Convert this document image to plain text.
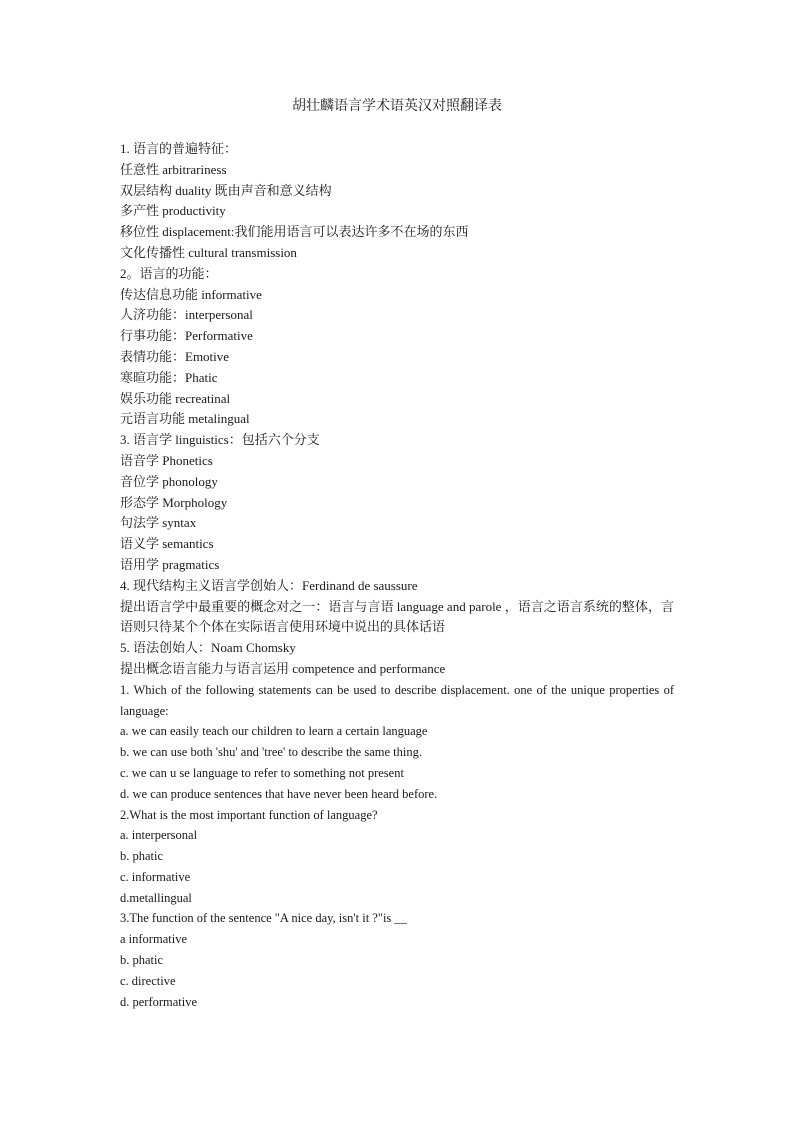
胡壮麟语言学术语英汉对照翻译表
1. 语言的普遍特征：
任意性 arbitrariness
双层结构 duality 既由声音和意义结构
多产性 productivity
移位性 displacement:我们能用语言可以表达许多不在场的东西
文化传播性 cultural transmission
2。语言的功能：
传达信息功能 informative
人济功能：interpersonal
行事功能：Performative
表情功能：Emotive
寒暄功能：Phatic
娱乐功能 recreatinal
元语言功能 metalingual
3. 语言学 linguistics：包括六个分支
语音学 Phonetics
音位学 phonology
形态学 Morphology
句法学 syntax
语义学 semantics
语用学 pragmatics
4. 现代结构主义语言学创始人：Ferdinand de saussure
提出语言学中最重要的概念对之一：语言与言语 language and parole ，语言之语言系统的整体，言语则只待某个个体在实际语言使用环境中说出的具体话语
5. 语法创始人：Noam Chomsky
提出概念语言能力与语言运用 competence and performance
1. Which of the following statements can be used to describe displacement. one of the unique properties of language:
a. we can easily teach our children to learn a certain language
b. we can use both 'shu' and 'tree' to describe the same thing.
c. we can u se language to refer to something not present
d. we can produce sentences that have never been heard before.
2.What is the most important function of language?
a. interpersonal
b. phatic
c. informative
d.metallingual
3.The function of the sentence "A nice day, isn't it ?"is __
a informative
b. phatic
c. directive
d. performative
